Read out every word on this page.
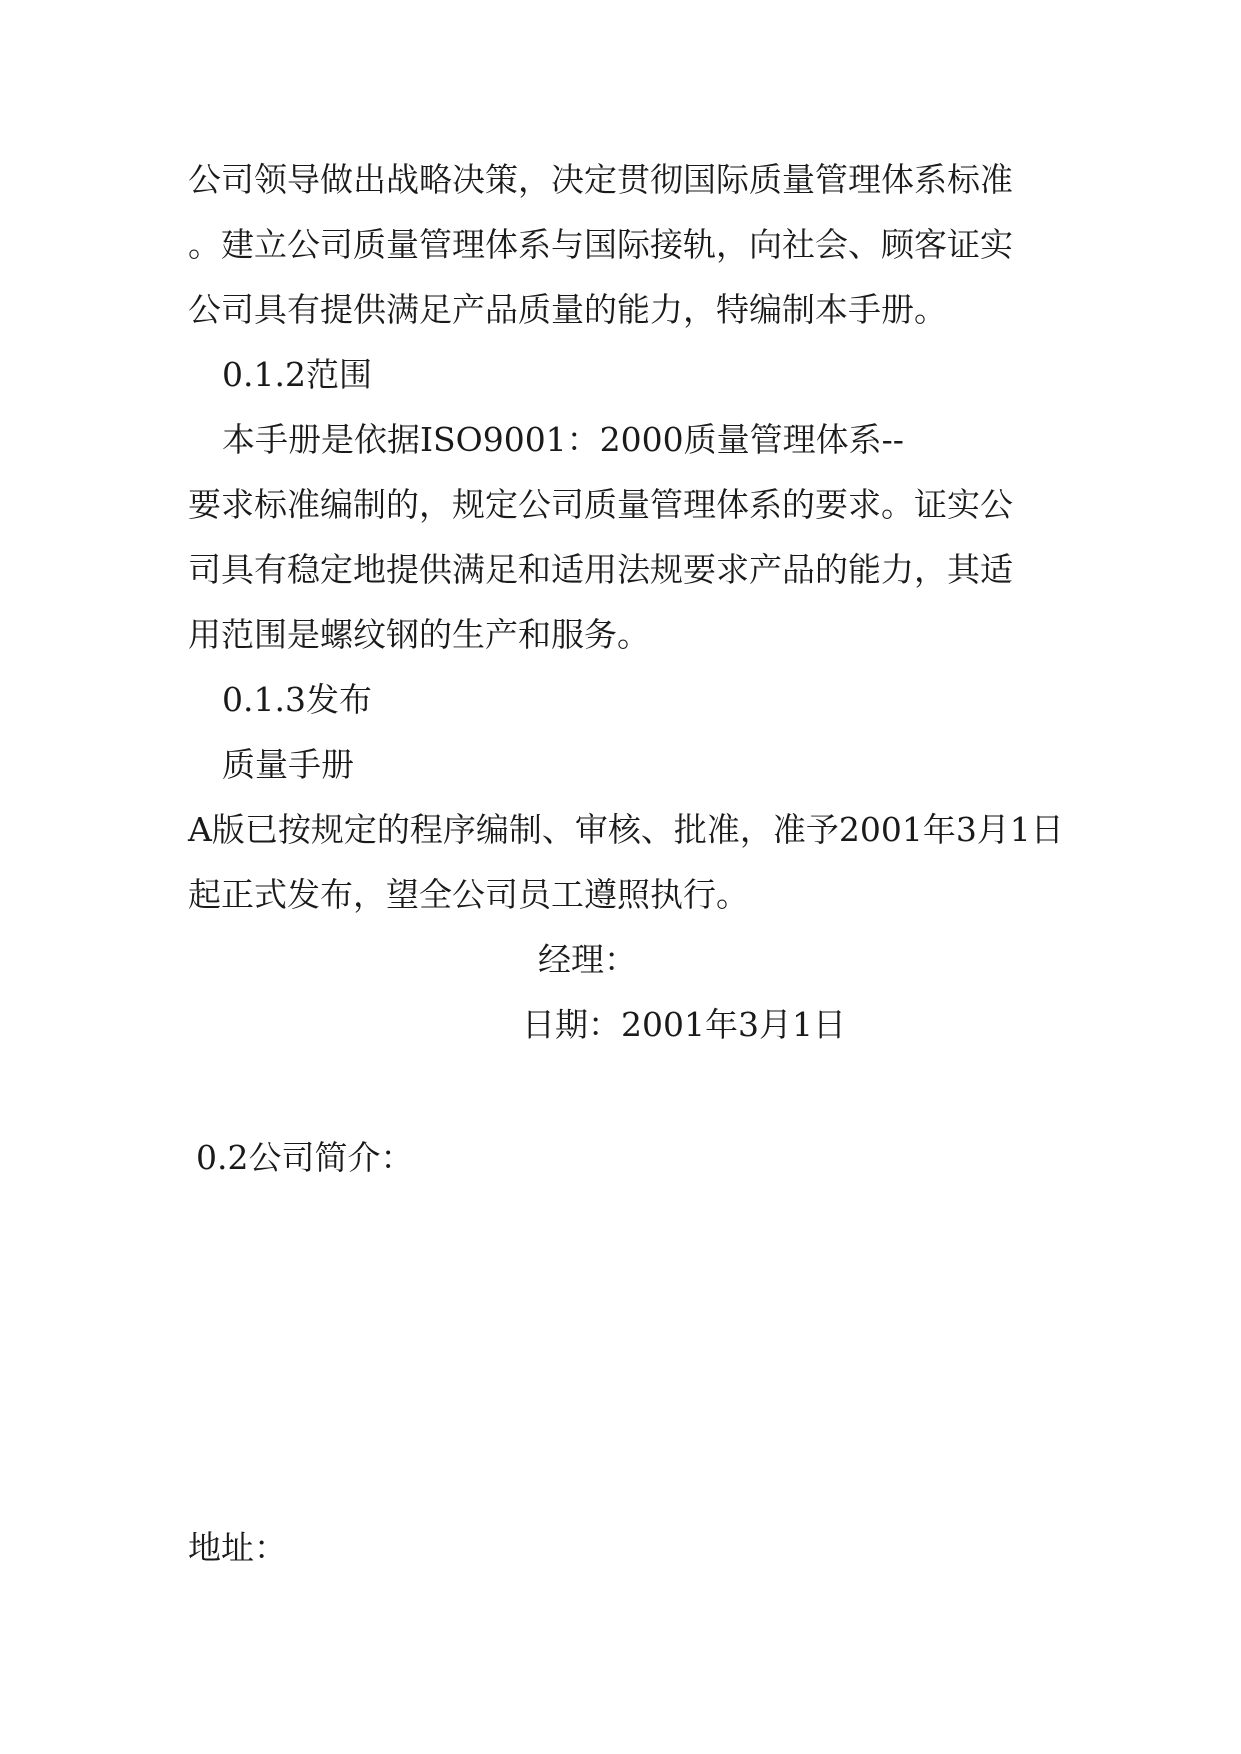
公司领导做出战略决策，决定贯彻国际质量管理体系标准
。建立公司质量管理体系与国际接轨，向社会、顾客证实
公司具有提供满足产品质量的能力，特编制本手册。
0.1.2范围
本手册是依据ISO9001：2000质量管理体系--
要求标准编制的，规定公司质量管理体系的要求。证实公
司具有稳定地提供满足和适用法规要求产品的能力，其适
用范围是螺纹钢的生产和服务。
0.1.3发布
质量手册
A版已按规定的程序编制、审核、批准，准予2001年3月1日
起正式发布，望全公司员工遵照执行。
经理：
日期：2001年3月1日
0.2公司简介：
地址：
